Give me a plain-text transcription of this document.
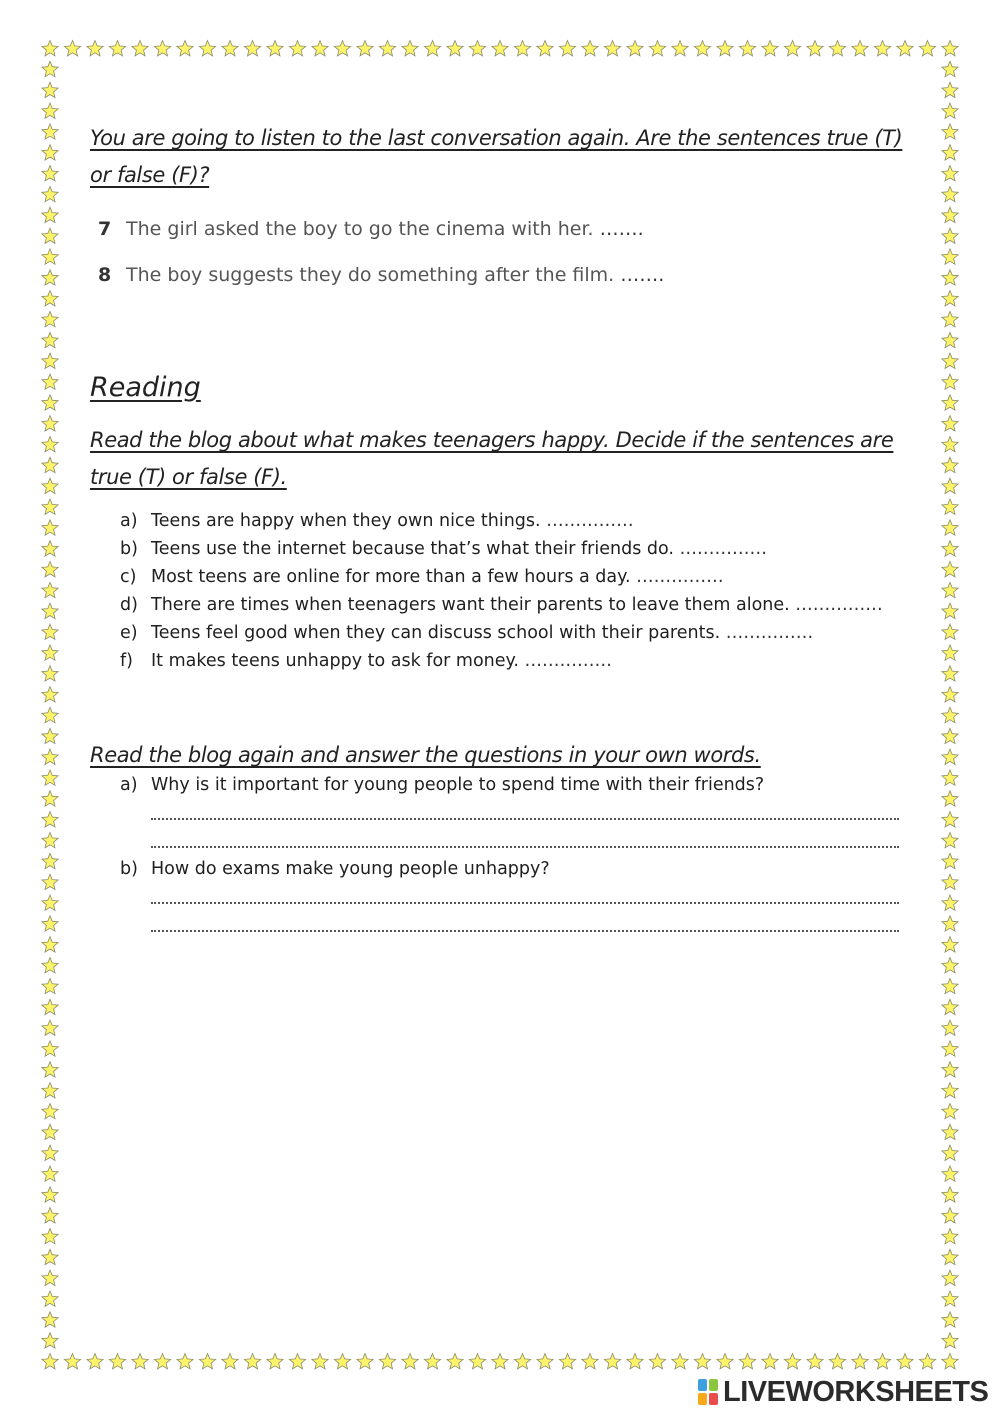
You are going to listen to the last conversation again. Are the sentences true (T) or false (F)?
7 The girl asked the boy to go the cinema with her. …….
8 The boy suggests they do something after the film. …….
Reading
Read the blog about what makes teenagers happy. Decide if the sentences are true (T) or false (F).
a) Teens are happy when they own nice things. ……………
b) Teens use the internet because that’s what their friends do. ……………
c) Most teens are online for more than a few hours a day. ……………
d) There are times when teenagers want their parents to leave them alone. ……………
e) Teens feel good when they can discuss school with their parents. ……………
f) It makes teens unhappy to ask for money. ……………
Read the blog again and answer the questions in your own words.
a) Why is it important for young people to spend time with their friends?
b) How do exams make young people unhappy?
LIVEWORKSHEETS
